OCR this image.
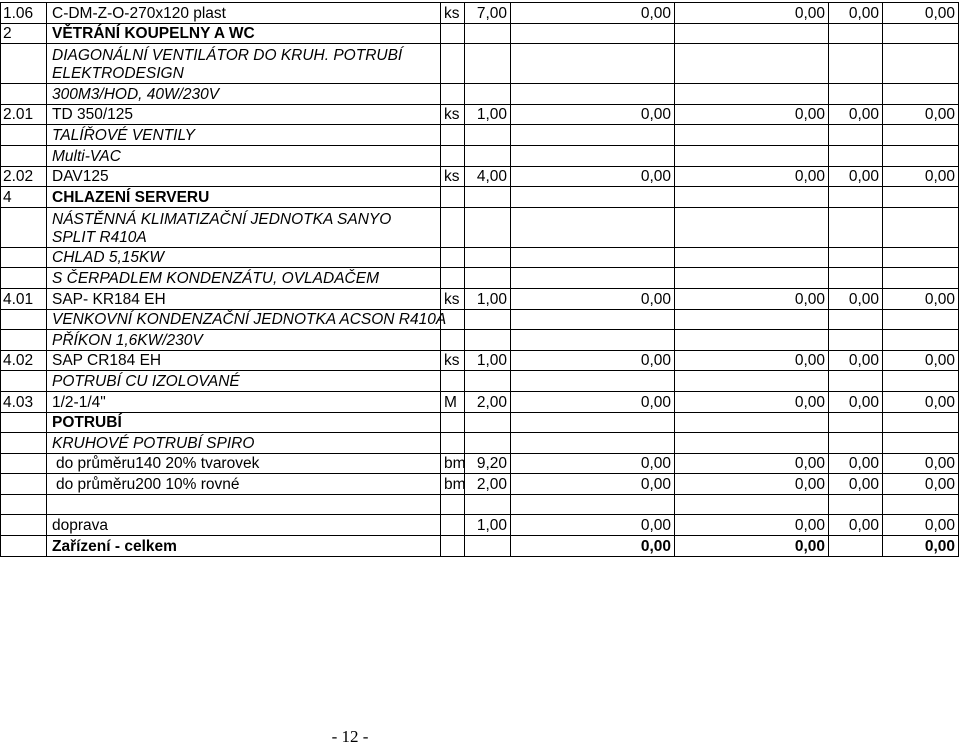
1.06	C-DM-Z-O-270x120 plast	ks	7,00	0,00	0,00	0,00	0,00
2	VĚTRÁNÍ KOUPELNY A WC						
	DIAGONÁLNÍ VENTILÁTOR DO KRUH. POTRUBÍ ELEKTRODESIGN						
	300M3/HOD, 40W/230V						
2.01	TD 350/125	ks	1,00	0,00	0,00	0,00	0,00
	TALÍŘOVÉ VENTILY						
	Multi-VAC						
2.02	DAV125	ks	4,00	0,00	0,00	0,00	0,00
4	CHLAZENÍ SERVERU						
	NÁSTĚNNÁ KLIMATIZAČNÍ JEDNOTKA SANYO SPLIT R410A						
	CHLAD 5,15KW						
	S ČERPADLEM KONDENZÁTU, OVLADAČEM						
4.01	SAP- KR184 EH	ks	1,00	0,00	0,00	0,00	0,00
	VENKOVNÍ KONDENZAČNÍ JEDNOTKA ACSON R410A						
	PŘÍKON 1,6KW/230V						
4.02	SAP CR184 EH	ks	1,00	0,00	0,00	0,00	0,00
	POTRUBÍ CU IZOLOVANÉ						
4.03	1/2-1/4"	M	2,00	0,00	0,00	0,00	0,00
	POTRUBÍ						
	KRUHOVÉ POTRUBÍ SPIRO						
	do průměru140 20% tvarovek	bm	9,20	0,00	0,00	0,00	0,00
	do průměru200 10% rovné	bm	2,00	0,00	0,00	0,00	0,00

	doprava		1,00	0,00	0,00	0,00	0,00
	Zařízení - celkem			0,00	0,00		0,00
- 12 -
